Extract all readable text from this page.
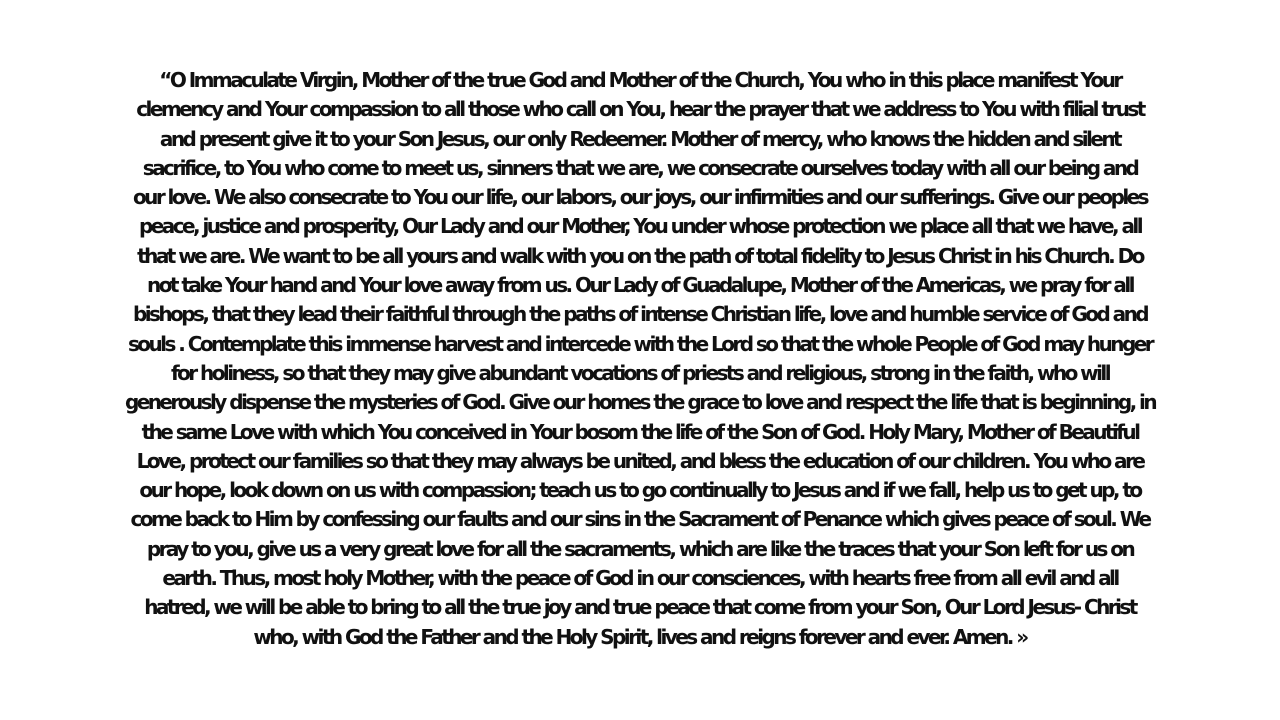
“O Immaculate Virgin, Mother of the true God and Mother of the Church, You who in this place manifest Your
clemency and Your compassion to all those who call on You, hear the prayer that we address to You with filial trust
and present give it to your Son Jesus, our only Redeemer. Mother of mercy, who knows the hidden and silent
sacrifice, to You who come to meet us, sinners that we are, we consecrate ourselves today with all our being and
our love. We also consecrate to You our life, our labors, our joys, our infirmities and our sufferings. Give our peoples
peace, justice and prosperity, Our Lady and our Mother, You under whose protection we place all that we have, all
that we are. We want to be all yours and walk with you on the path of total fidelity to Jesus Christ in his Church. Do
not take Your hand and Your love away from us. Our Lady of Guadalupe, Mother of the Americas, we pray for all
bishops, that they lead their faithful through the paths of intense Christian life, love and humble service of God and
souls . Contemplate this immense harvest and intercede with the Lord so that the whole People of God may hunger
for holiness, so that they may give abundant vocations of priests and religious, strong in the faith, who will
generously dispense the mysteries of God. Give our homes the grace to love and respect the life that is beginning, in
the same Love with which You conceived in Your bosom the life of the Son of God. Holy Mary, Mother of Beautiful
Love, protect our families so that they may always be united, and bless the education of our children. You who are
our hope, look down on us with compassion; teach us to go continually to Jesus and if we fall, help us to get up, to
come back to Him by confessing our faults and our sins in the Sacrament of Penance which gives peace of soul. We
pray to you, give us a very great love for all the sacraments, which are like the traces that your Son left for us on
earth. Thus, most holy Mother, with the peace of God in our consciences, with hearts free from all evil and all
hatred, we will be able to bring to all the true joy and true peace that come from your Son, Our Lord Jesus- Christ
who, with God the Father and the Holy Spirit, lives and reigns forever and ever. Amen. »
